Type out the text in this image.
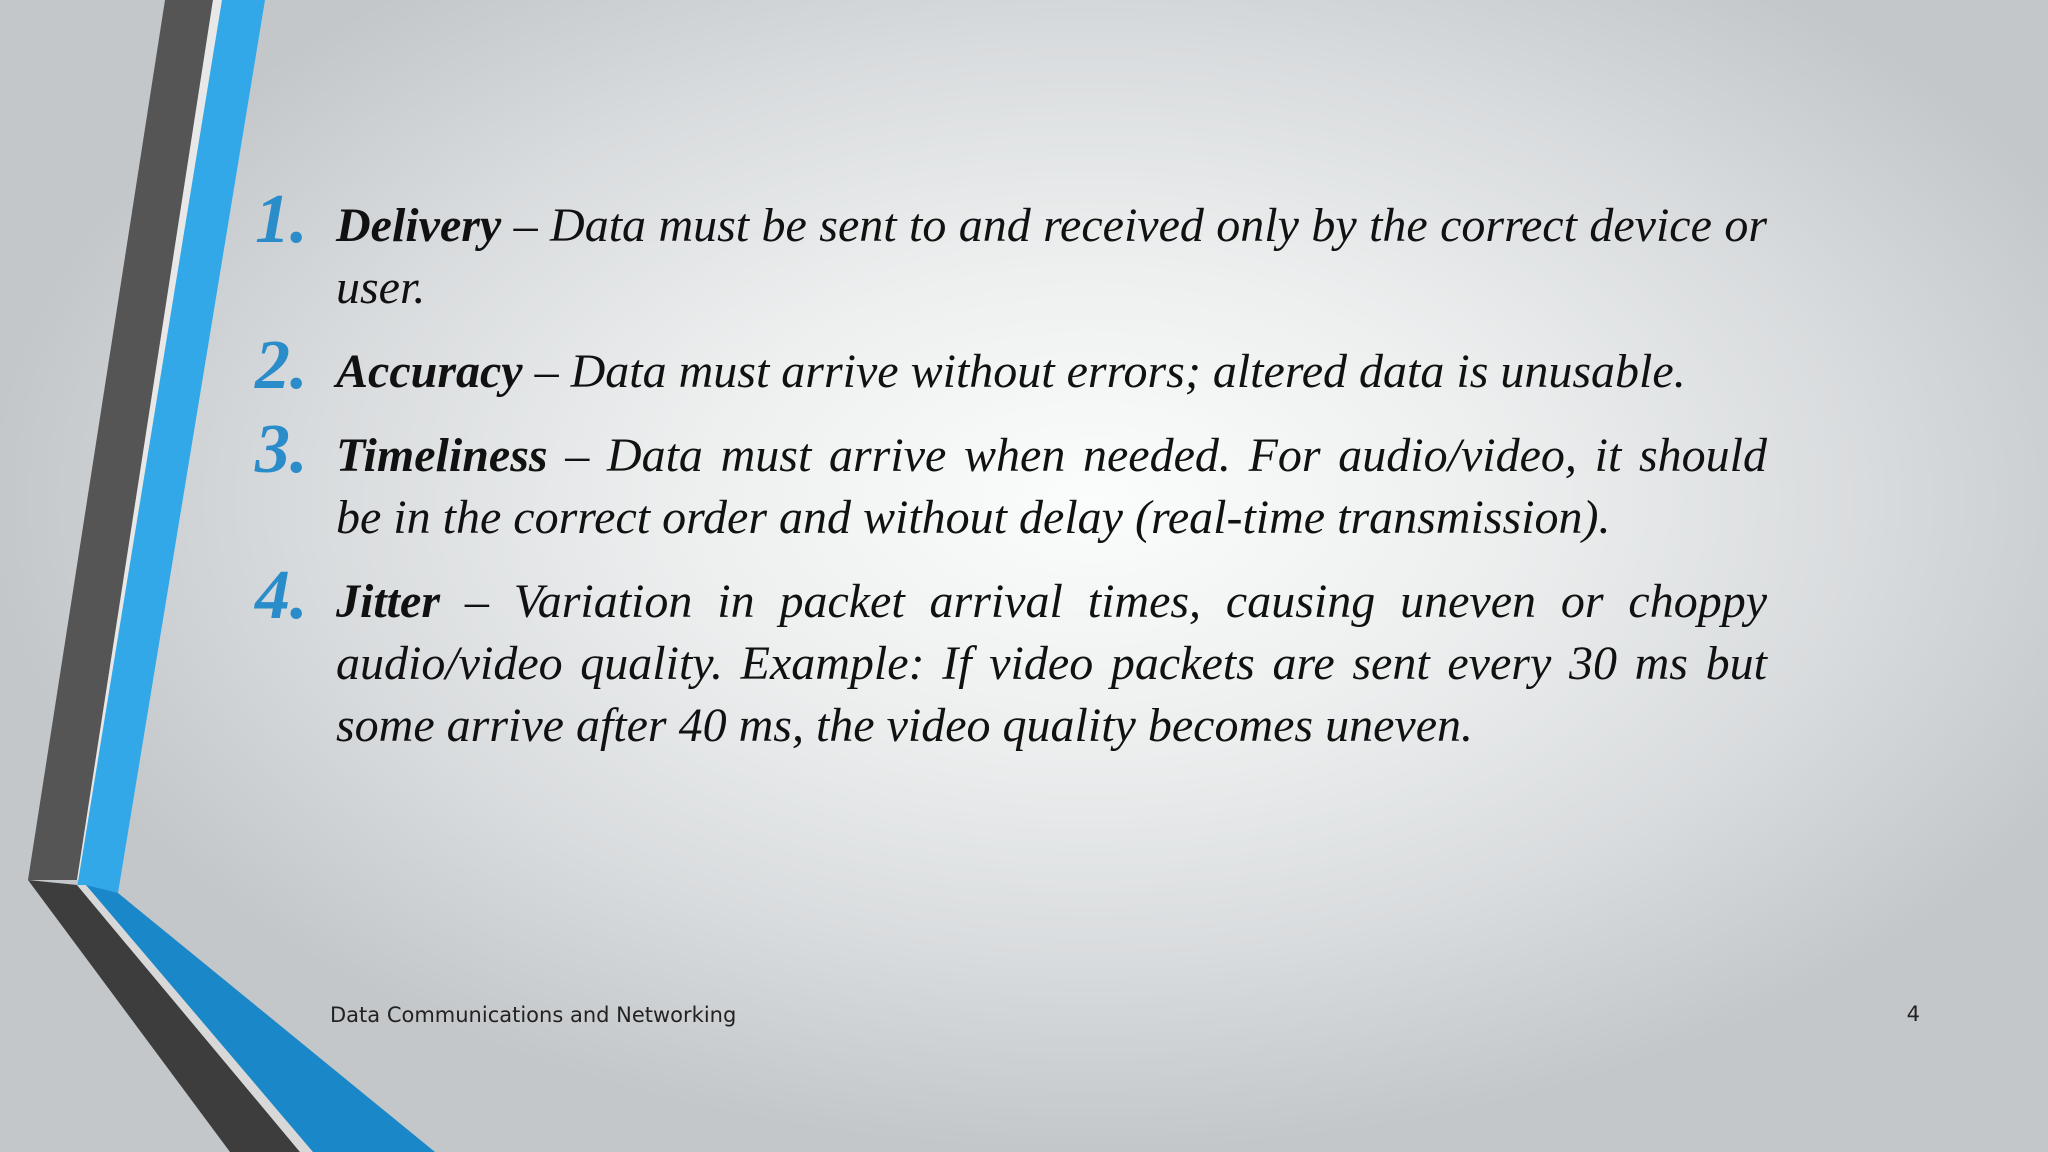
1. Delivery – Data must be sent to and received only by the correct device or user.
2. Accuracy – Data must arrive without errors; altered data is unusable.
3. Timeliness – Data must arrive when needed. For audio/video, it should be in the correct order and without delay (real-time transmission).
4. Jitter – Variation in packet arrival times, causing uneven or choppy audio/video quality. Example: If video packets are sent every 30 ms but some arrive after 40 ms, the video quality becomes uneven.
Data Communications and Networking	4
